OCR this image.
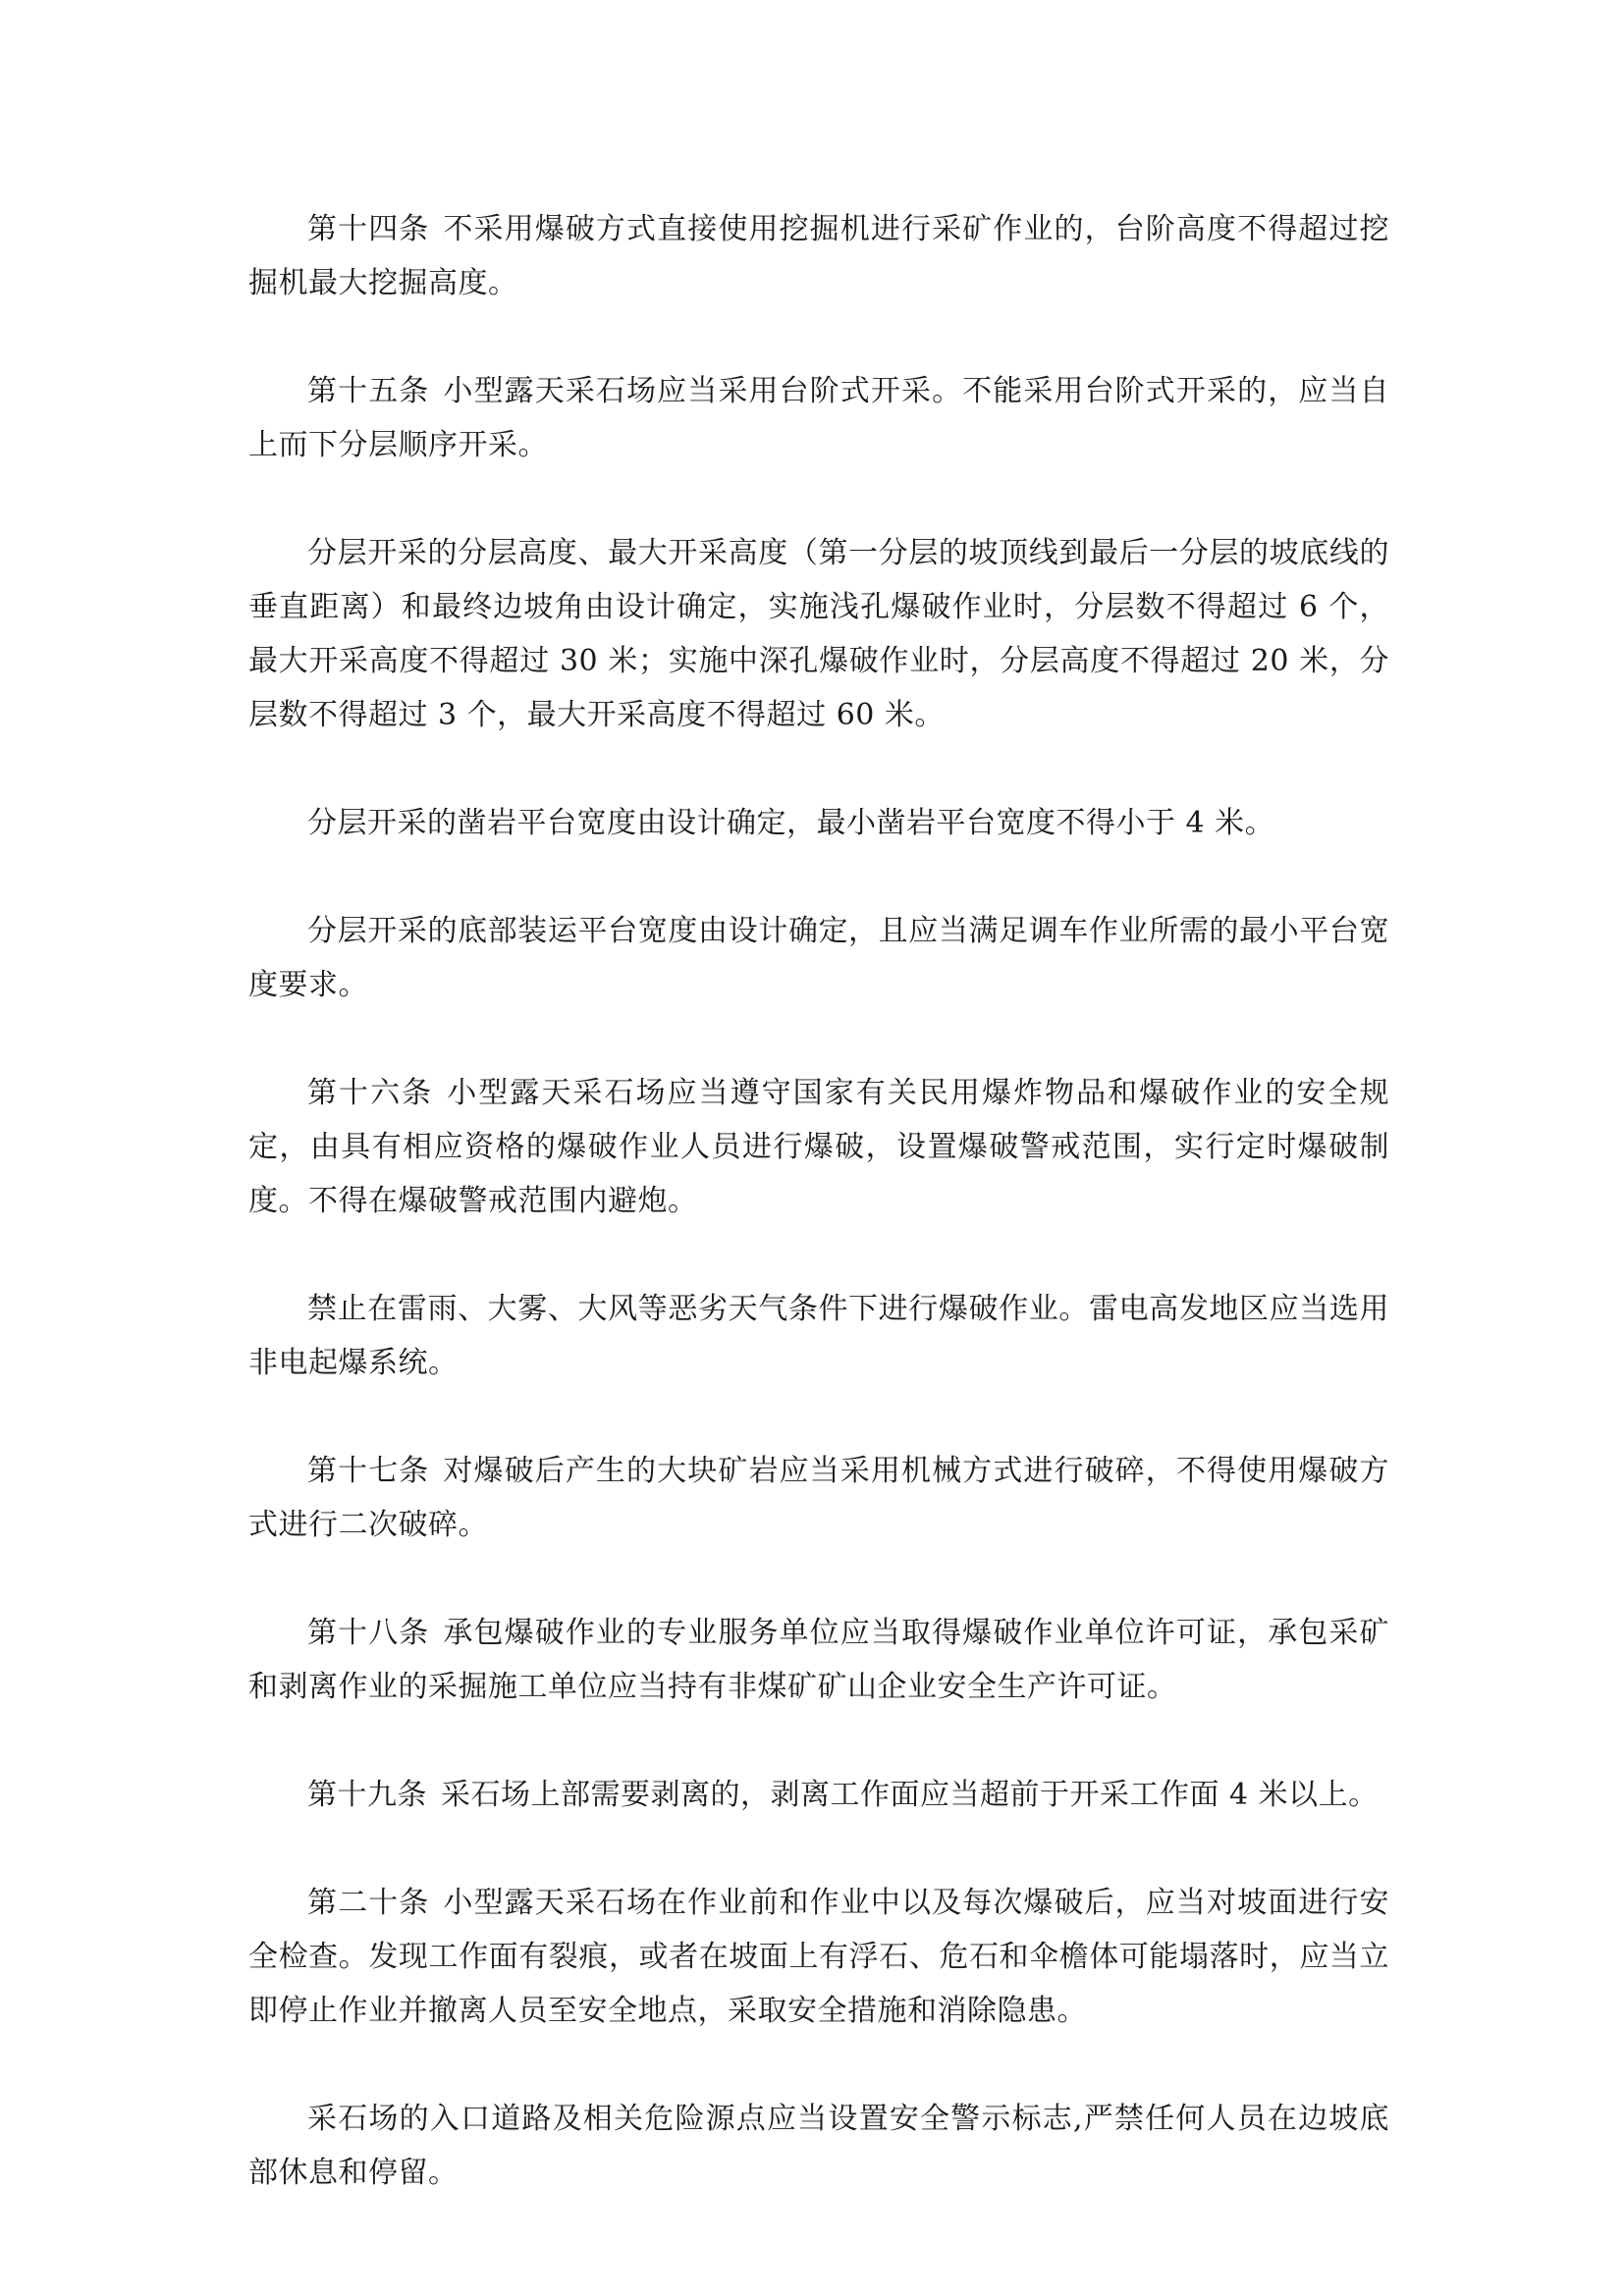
第十四条 不采用爆破方式直接使用挖掘机进行采矿作业的，台阶高度不得超过挖掘机最大挖掘高度。

第十五条 小型露天采石场应当采用台阶式开采。不能采用台阶式开采的，应当自上而下分层顺序开采。

分层开采的分层高度、最大开采高度（第一分层的坡顶线到最后一分层的坡底线的垂直距离）和最终边坡角由设计确定，实施浅孔爆破作业时，分层数不得超过 6 个，最大开采高度不得超过 30 米；实施中深孔爆破作业时，分层高度不得超过 20 米，分层数不得超过 3 个，最大开采高度不得超过 60 米。

分层开采的凿岩平台宽度由设计确定，最小凿岩平台宽度不得小于 4 米。

分层开采的底部装运平台宽度由设计确定，且应当满足调车作业所需的最小平台宽度要求。

第十六条 小型露天采石场应当遵守国家有关民用爆炸物品和爆破作业的安全规定，由具有相应资格的爆破作业人员进行爆破，设置爆破警戒范围，实行定时爆破制度。不得在爆破警戒范围内避炮。

禁止在雷雨、大雾、大风等恶劣天气条件下进行爆破作业。雷电高发地区应当选用非电起爆系统。

第十七条 对爆破后产生的大块矿岩应当采用机械方式进行破碎，不得使用爆破方式进行二次破碎。

第十八条 承包爆破作业的专业服务单位应当取得爆破作业单位许可证，承包采矿和剥离作业的采掘施工单位应当持有非煤矿矿山企业安全生产许可证。

第十九条 采石场上部需要剥离的，剥离工作面应当超前于开采工作面 4 米以上。

第二十条 小型露天采石场在作业前和作业中以及每次爆破后，应当对坡面进行安全检查。发现工作面有裂痕，或者在坡面上有浮石、危石和伞檐体可能塌落时，应当立即停止作业并撤离人员至安全地点，采取安全措施和消除隐患。

采石场的入口道路及相关危险源点应当设置安全警示标志,严禁任何人员在边坡底部休息和停留。
